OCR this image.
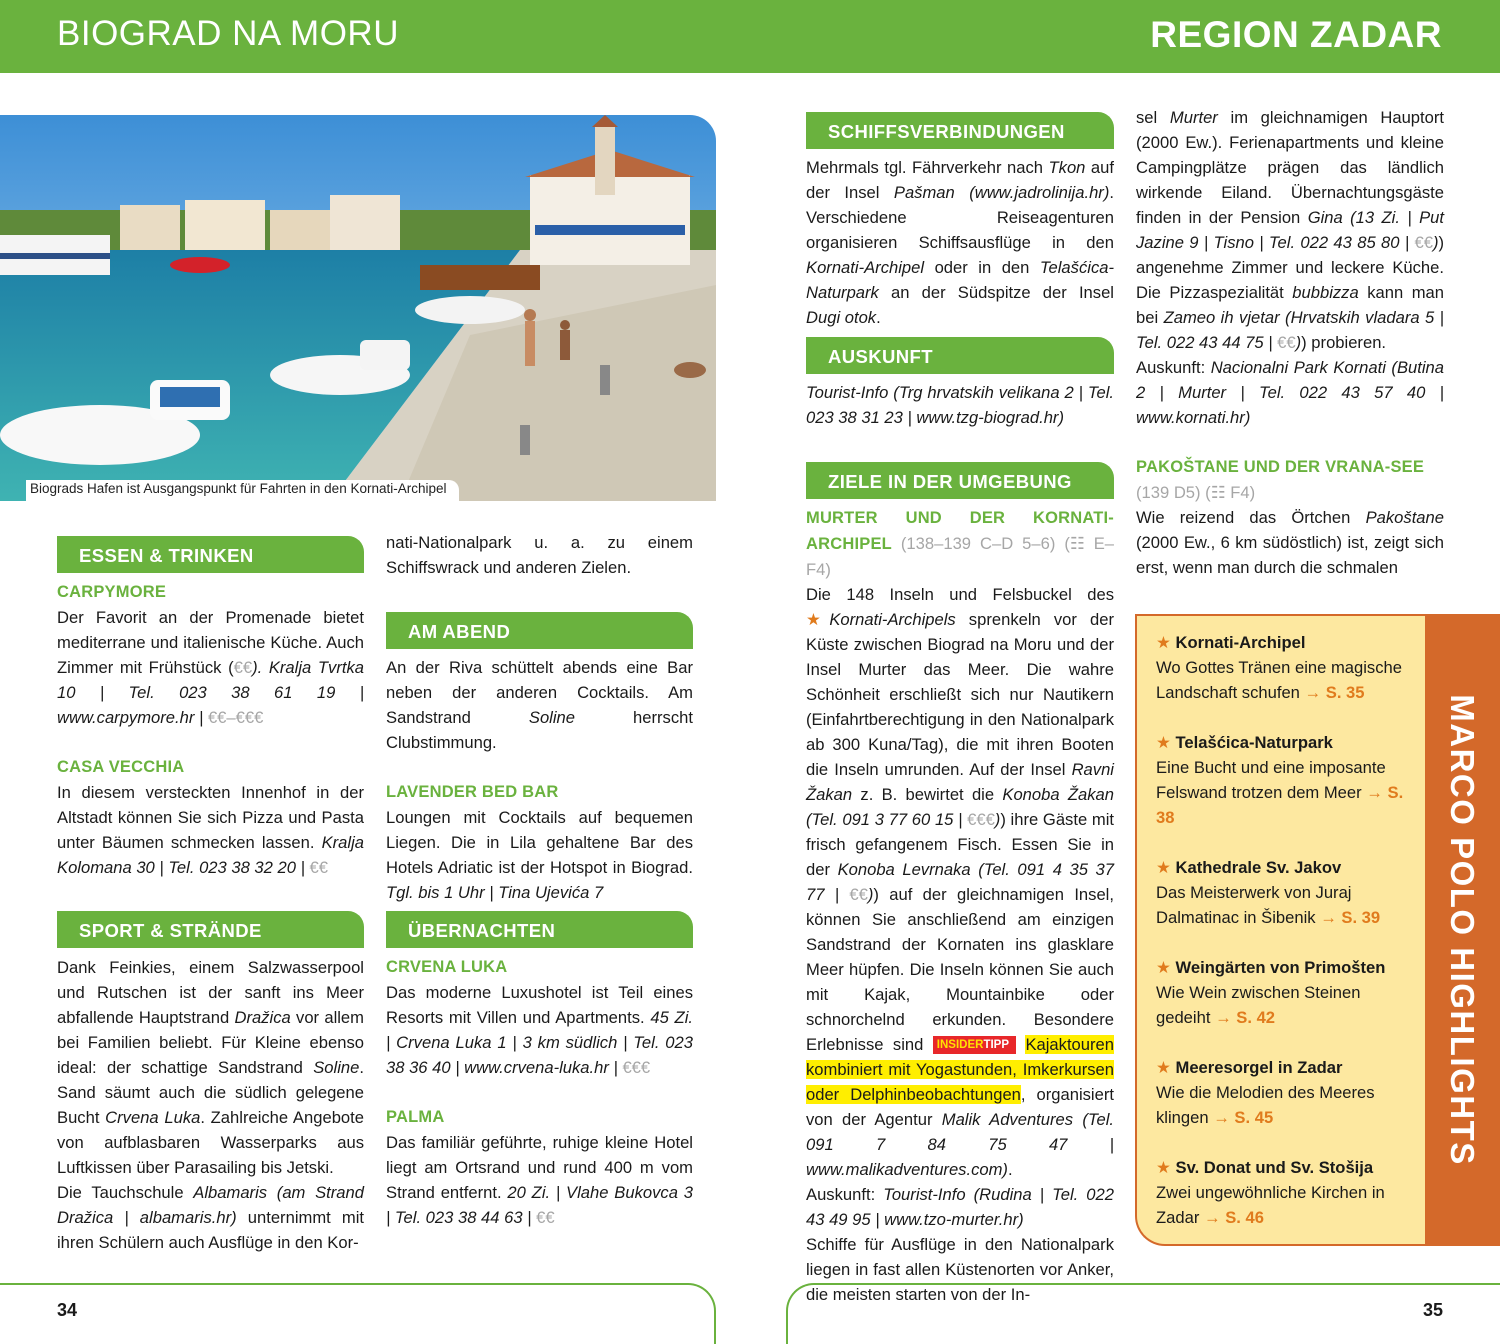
BIOGRAD NA MORU	REGION ZADAR
Biograds Hafen ist Ausgangspunkt für Fahrten in den Kornati-Archipel
ESSEN & TRINKEN
SPORT & STRÄNDE
AM ABEND
ÜBERNACHTEN
SCHIFFSVERBINDUNGEN
AUSKUNFT
ZIELE IN DER UMGEBUNG
CARPYMORE

Der Favorit an der Promenade bietet mediterrane und italienische Küche. Auch Zimmer mit Frühstück (€€). Kralja Tvrtka 10 | Tel. 023 38 61 19 | www.carpymore.hr | €€–€€€

CASA VECCHIA

In diesem versteckten Innenhof in der Altstadt können Sie sich Pizza und Pasta unter Bäumen schmecken lassen. Kralja Kolomana 30 | Tel. 023 38 32 20 | €€

Dank Feinkies, einem Salzwasserpool und Rutschen ist der sanft ins Meer abfallende Hauptstrand Dražica vor allem bei Familien beliebt. Für Kleine ebenso ideal: der schattige Sandstrand Soline. Sand säumt auch die südlich gelegene Bucht Crvena Luka. Zahlreiche Angebote von aufblasbaren Wasserparks aus Luftkissen über Parasailing bis Jetski.

Die Tauchschule Albamaris (am Strand Dražica | albamaris.hr) unternimmt mit ihren Schülern auch Ausflüge in den Kor-

nati-Nationalpark u. a. zu einem Schiffswrack und anderen Zielen.

An der Riva schüttelt abends eine Bar neben der anderen Cocktails. Am Sandstrand Soline herrscht Clubstimmung.

LAVENDER BED BAR

Loungen mit Cocktails auf bequemen Liegen. Die in Lila gehaltene Bar des Hotels Adriatic ist der Hotspot in Biograd. Tgl. bis 1 Uhr | Tina Ujevića 7

CRVENA LUKA

Das moderne Luxushotel ist Teil eines Resorts mit Villen und Apartments. 45 Zi. | Crvena Luka 1 | 3 km südlich | Tel. 023 38 36 40 | www.crvena-luka.hr | €€€

PALMA

Das familiär geführte, ruhige kleine Hotel liegt am Ortsrand und rund 400 m vom Strand entfernt. 20 Zi. | Vlahe Bukovca 3 | Tel. 023 38 44 63 | €€

Mehrmals tgl. Fährverkehr nach Tkon auf der Insel Pašman (www.jadrolinija.hr). Verschiedene Reiseagenturen organisieren Schiffsausflüge in den Kornati-Archipel oder in den Telašćica-Naturpark an der Südspitze der Insel Dugi otok.

Tourist-Info (Trg hrvatskih velikana 2 | Tel. 023 38 31 23 | www.tzg-biograd.hr)

MURTER UND DER KORNATI-ARCHIPEL (138–139 C–D 5–6) (☷ E–F4)

Die 148 Inseln und Felsbuckel des ★Kornati-Archipels sprenkeln vor der Küste zwischen Biograd na Moru und der Insel Murter das Meer. Die wahre Schönheit erschließt sich nur Nautikern (Einfahrtberechtigung in den Nationalpark ab 300 Kuna/Tag), die mit ihren Booten die Inseln umrunden. Auf der Insel Ravni Žakan z. B. bewirtet die Konoba Žakan (Tel. 091 3 77 60 15 | €€€)) ihre Gäste mit frisch gefangenem Fisch. Essen Sie in der Konoba Levrnaka (Tel. 091 4 35 37 77 | €€)) auf der gleichnamigen Insel, können Sie anschließend am einzigen Sandstrand der Kornaten ins glasklare Meer hüpfen. Die Inseln können Sie auch mit Kajak, Mountainbike oder schnorchelnd erkunden. Besondere Erlebnisse sind INSIDERTIPP Kajaktouren kombiniert mit Yogastunden, Imkerkursen oder Delphinbeobachtungen, organisiert von der Agentur Malik Adventures (Tel. 091 7 84 75 47 | www.malikadventures.com).

Auskunft: Tourist-Info (Rudina | Tel. 022 43 49 95 | www.tzo-murter.hr)

Schiffe für Ausflüge in den Nationalpark liegen in fast allen Küstenorten vor Anker, die meisten starten von der In-

sel Murter im gleichnamigen Hauptort (2000 Ew.). Ferienapartments und kleine Campingplätze prägen das ländlich wirkende Eiland. Übernachtungsgäste finden in der Pension Gina (13 Zi. | Put Jazine 9 | Tisno | Tel. 022 43 85 80 | €€)) angenehme Zimmer und leckere Küche. Die Pizzaspezialität bubbizza kann man bei Zameo ih vjetar (Hrvatskih vladara 5 | Tel. 022 43 44 75 | €€)) probieren.

Auskunft: Nacionalni Park Kornati (Butina 2 | Murter | Tel. 022 43 57 40 | www.kornati.hr)

PAKOŠTANE UND DER VRANA-SEE

(139 D5) (☷ F4)

Wie reizend das Örtchen Pakoštane (2000 Ew., 6 km südöstlich) ist, zeigt sich erst, wenn man durch die schmalen

MARCO POLO HIGHLIGHTS
★ Kornati-Archipel
Wo Gottes Tränen eine magische Landschaft schufen → S. 35
★ Telašćica-Naturpark
Eine Bucht und eine imposante Felswand trotzen dem Meer → S. 38
★ Kathedrale Sv. Jakov
Das Meisterwerk von Juraj Dalmatinac in Šibenik → S. 39
★ Weingärten von Primošten
Wie Wein zwischen Steinen gedeiht → S. 42
★ Meeresorgel in Zadar
Wie die Melodien des Meeres klingen → S. 45
★ Sv. Donat und Sv. Stošija
Zwei ungewöhnliche Kirchen in Zadar → S. 46
34	35
